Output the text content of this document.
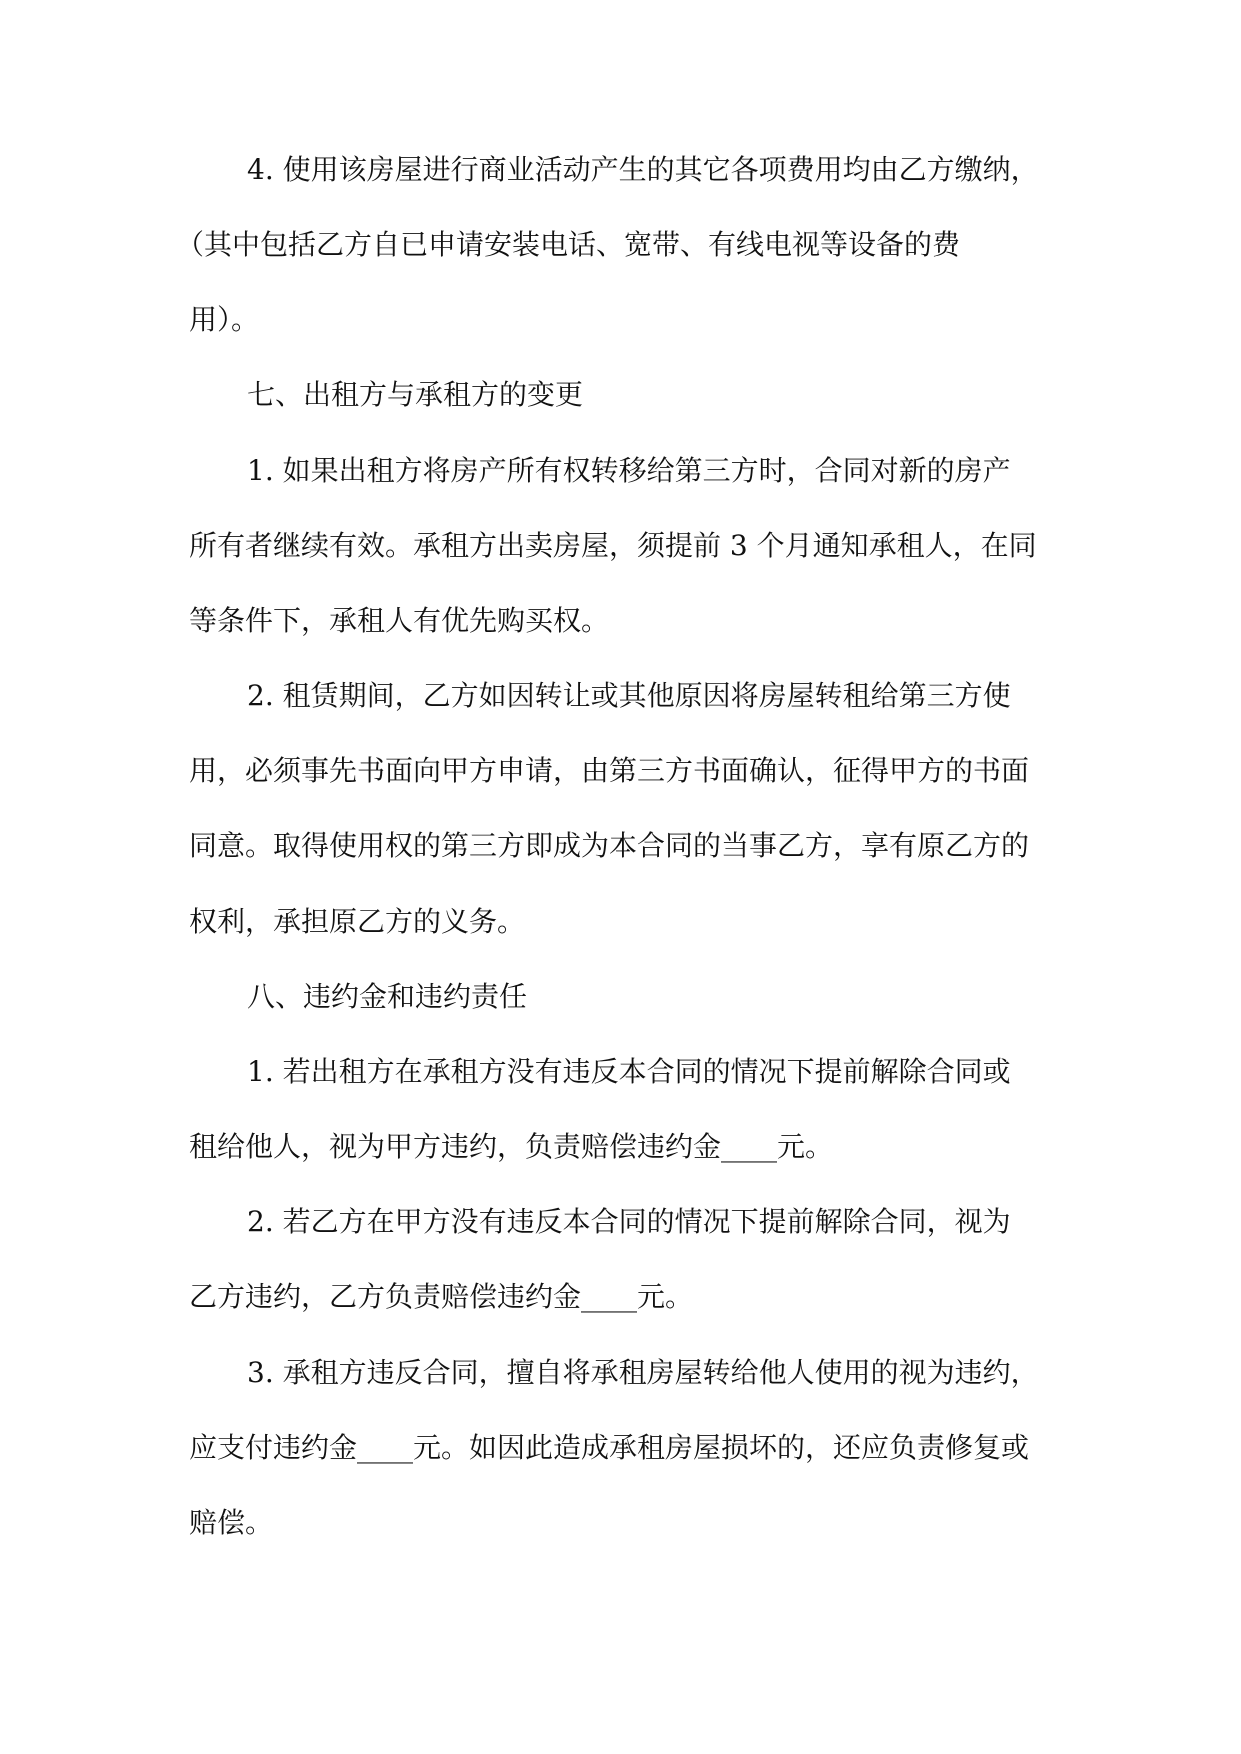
4. 使用该房屋进行商业活动产生的其它各项费用均由乙方缴纳，
（其中包括乙方自已申请安装电话、宽带、有线电视等设备的费
用）。
七、出租方与承租方的变更
1. 如果出租方将房产所有权转移给第三方时，合同对新的房产
所有者继续有效。承租方出卖房屋，须提前 3 个月通知承租人，在同
等条件下，承租人有优先购买权。
2. 租赁期间，乙方如因转让或其他原因将房屋转租给第三方使
用，必须事先书面向甲方申请，由第三方书面确认，征得甲方的书面
同意。取得使用权的第三方即成为本合同的当事乙方，享有原乙方的
权利，承担原乙方的义务。
八、违约金和违约责任
1. 若出租方在承租方没有违反本合同的情况下提前解除合同或
租给他人，视为甲方违约，负责赔偿违约金____元。
2. 若乙方在甲方没有违反本合同的情况下提前解除合同，视为
乙方违约，乙方负责赔偿违约金____元。
3. 承租方违反合同，擅自将承租房屋转给他人使用的视为违约，
应支付违约金____元。如因此造成承租房屋损坏的，还应负责修复或
赔偿。
